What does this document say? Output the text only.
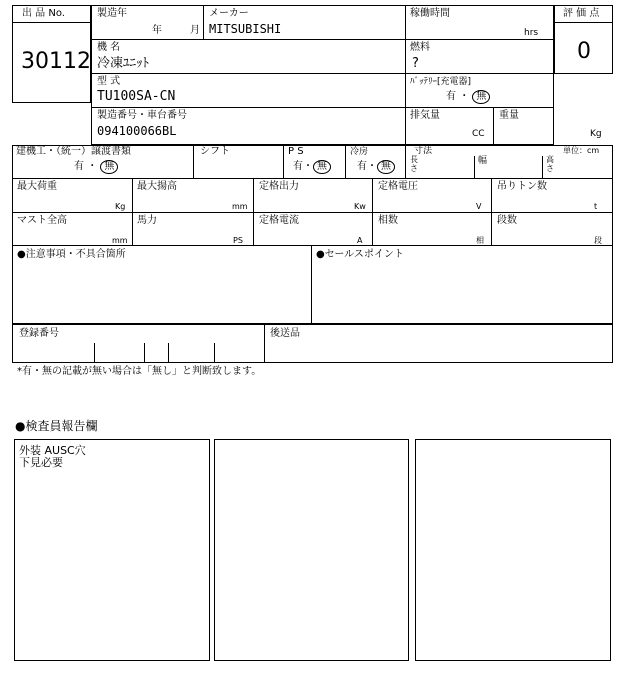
出 品 No.
30112
評 価 点
0
製造年
年	月
メーカー
MITSUBISHI
稼働時間
hrs
機 名
冷凍ﾕﾆｯﾄ
燃料
?
型 式
TU100SA-CN
ﾊﾞｯﾃﾘｰ[充電器]
有 ・ 無
製造番号・車台番号
094100066BL
排気量
CC
重量
Kg
建機工・（統一）譲渡書類
有 ・ 無
シフト	P S
有・ 無
冷房
有・ 無
寸法
長
さ
幅	高
さ
単位：cm
最大荷重
Kg
最大揚高
mm
定格出力
Kw
定格電圧
V
吊りトン数
t
マスト全高
mm
馬力
PS
定格電流
A
相数
相
段数
段
●注意事項・不具合箇所	●セールスポイント
登録番号	後送品
*有・無の記載が無い場合は「無し」と判断致します。
●検査員報告欄
外装 AUSC穴
下見必要
